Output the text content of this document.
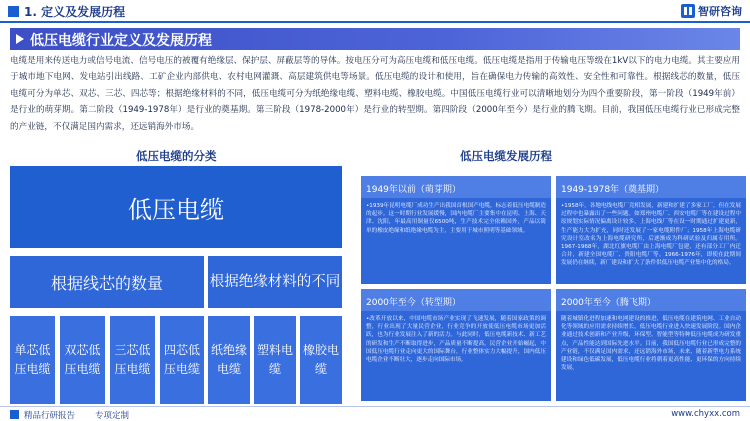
1. 定义及发展历程	智研咨询
低压电缆行业定义及发展历程
电缆是用来传送电力或信号电流、信号电压的被覆有绝缘层、保护层、屏蔽层等的导体。按电压分可为高压电缆和低压电缆。低压电缆是指用于传输电压等级在1kV以下的电力电缆。其主要应用于城市地下电网、发电站引出线路、工矿企业内部供电、农村电网灌溉、高层建筑供电等场景。低压电缆的设计和使用，旨在确保电力传输的高效性、安全性和可靠性。根据线芯的数量，低压电缆可分为单芯、双芯、三芯、四芯等；根据绝缘材料的不同，低压电缆可分为纸绝缘电缆、塑料电缆、橡胶电缆。中国低压电缆行业可以清晰地划分为四个重要阶段，第一阶段（1949年前）是行业的萌芽期。第二阶段（1949-1978年）是行业的奠基期。第三阶段（1978-2000年）是行业的转型期。第四阶段（2000年至今）是行业的腾飞期。目前，我国低压电缆行业已形成完整的产业链，不仅满足国内需求，还远销海外市场。
低压电缆的分类
低压电缆
根据线芯的数量	根据绝缘材料的不同
单芯低压电缆
双芯低压电缆
三芯低压电缆
四芯低压电缆
纸绝缘电缆
塑料电缆
橡胶电缆
低压电缆发展历程
1949年以前（萌芽期）
•1939年昆明电缆厂成功生产出我国首根国产电缆，标志着低压电缆制造的起步。这一时期行业发展缓慢，国内电缆厂主要集中在昆明、上海、天津、沈阳，年最高用铜量仅6500吨，生产技术完全依赖国外，产品以简单的橡皮绝缘和纸绝缘电缆为主，主要用于城市照明等基础领域。
1949-1978年（奠基期）
•1958年，各地电线电缆厂竞相发展，新建和扩建了多家工厂，但在发展过程中也暴露出了一些问题。如郑州电缆厂、西安电缆厂等在建设过程中原规划实际情况偏离设计较多，上海电线厂等在设一时期通过扩建更新，生产能力大为扩充，同时还发展了一家电缆附件厂；1958年上海电缆研究设计室改名为上海电缆研究所，后逐渐成为科研试验及归属专用所。1967-1968年，湖北红旗电缆厂由上海电缆厂包建，还有部分工厂内迁合并，新建全国电缆厂、贵阳电缆厂等。1966-1976年，即使在此期间发展仍在继续，新厂建设和扩大了条件供低压电缆产业集中化的格局。
2000年至今（转型期）
•改革开放以来，中国电缆市场产业实现了飞速发展，随着国家政策的调整，行业出现了大量民营企业，行业竞争的开放使低压电缆市场更加活跃，也为行业发展注入了新的活力。与此同时，低压电缆新技术、新工艺的研发和生产不断取得进步，产品质量不断提高，民营企业开始崛起，中国低压电缆行业走向更大的国际舞台，行业整体实力大幅提升，国内低压电缆企业不断壮大，逐步走向国际市场。
2000年至今（腾飞期）
随着城镇化进程加速和电网建设的推进，低压电缆在建筑电网、工业自动化等领域的应用需求持续增长，低压电缆行业进入快速发展阶段。国内企业通过技术创新和产业升级，环保型、智能型等特种低压电缆成为研发重点，产品性能达到国际先进水平。目前，我国低压电缆行业已形成完整的产业链，不仅满足国内需求，还远销海外市场，未来，随着新型电力系统建设和绿色低碳发展，低压电缆行业将朝着更高性能、更环保的方向持续发展。
精品行研报告 专项定制	www.chyxx.com
